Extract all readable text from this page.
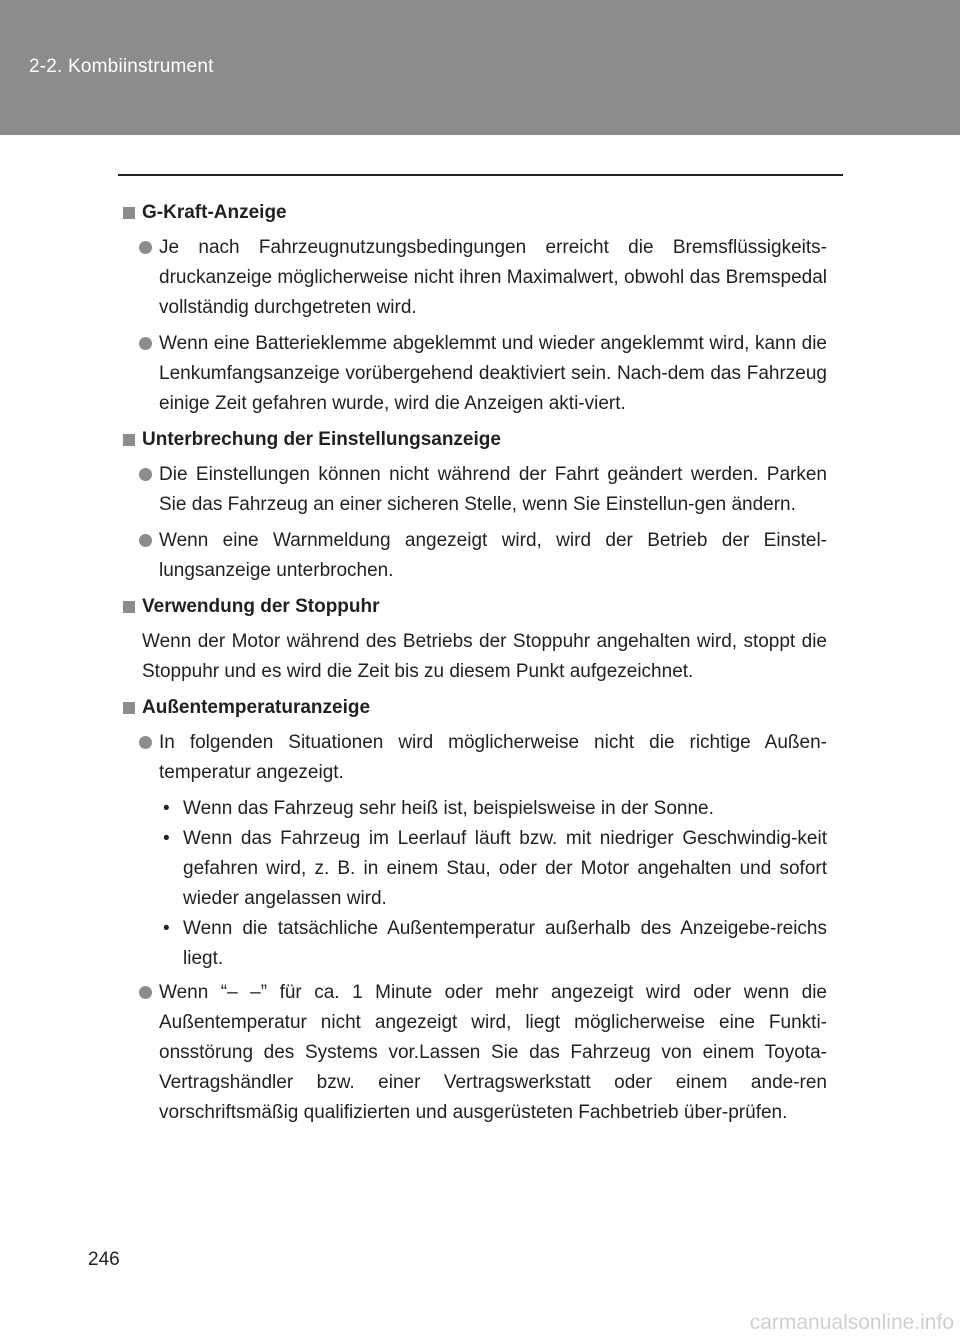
2-2. Kombiinstrument
G-Kraft-Anzeige
Je nach Fahrzeugnutzungsbedingungen erreicht die Bremsflüssigkeits-druckanzeige möglicherweise nicht ihren Maximalwert, obwohl das Bremspedal vollständig durchgetreten wird.
Wenn eine Batterieklemme abgeklemmt und wieder angeklemmt wird, kann die Lenkumfangsanzeige vorübergehend deaktiviert sein. Nach-dem das Fahrzeug einige Zeit gefahren wurde, wird die Anzeigen akti-viert.
Unterbrechung der Einstellungsanzeige
Die Einstellungen können nicht während der Fahrt geändert werden. Parken Sie das Fahrzeug an einer sicheren Stelle, wenn Sie Einstellun-gen ändern.
Wenn eine Warnmeldung angezeigt wird, wird der Betrieb der Einstel-lungsanzeige unterbrochen.
Verwendung der Stoppuhr
Wenn der Motor während des Betriebs der Stoppuhr angehalten wird, stoppt die Stoppuhr und es wird die Zeit bis zu diesem Punkt aufgezeichnet.
Außentemperaturanzeige
In folgenden Situationen wird möglicherweise nicht die richtige Außen-temperatur angezeigt.
• Wenn das Fahrzeug sehr heiß ist, beispielsweise in der Sonne.
• Wenn das Fahrzeug im Leerlauf läuft bzw. mit niedriger Geschwindig-keit gefahren wird, z. B. in einem Stau, oder der Motor angehalten und sofort wieder angelassen wird.
• Wenn die tatsächliche Außentemperatur außerhalb des Anzeigebe-reichs liegt.
Wenn “– –” für ca. 1 Minute oder mehr angezeigt wird oder wenn die Außentemperatur nicht angezeigt wird, liegt möglicherweise eine Funkti-onsstörung des Systems vor.Lassen Sie das Fahrzeug von einem Toyota-Vertragshändler bzw. einer Vertragswerkstatt oder einem ande-ren vorschriftsmäßig qualifizierten und ausgerüsteten Fachbetrieb über-prüfen.
246
carmanualsonline.info
